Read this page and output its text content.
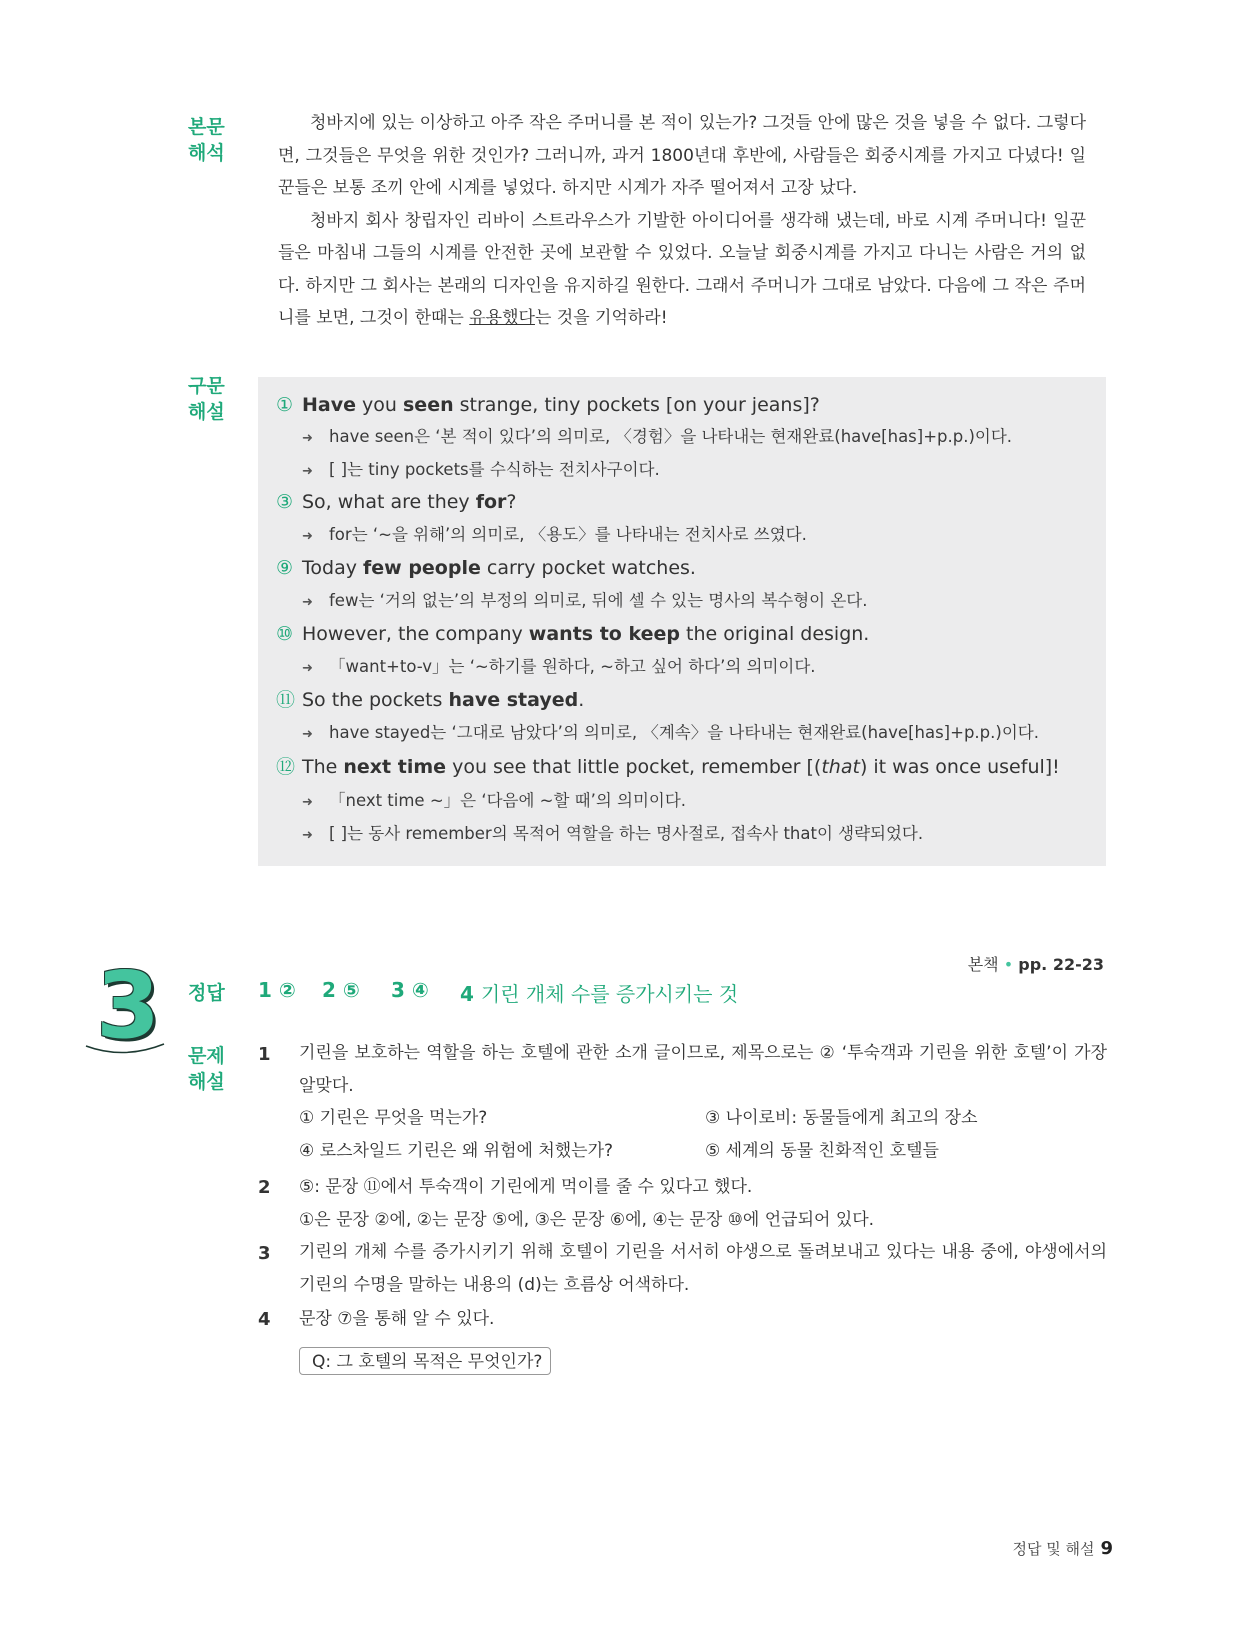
본문
해석

청바지에 있는 이상하고 아주 작은 주머니를 본 적이 있는가? 그것들 안에 많은 것을 넣을 수 없다. 그렇다면, 그것들은 무엇을 위한 것인가? 그러니까, 과거 1800년대 후반에, 사람들은 회중시계를 가지고 다녔다! 일꾼들은 보통 조끼 안에 시계를 넣었다. 하지만 시계가 자주 떨어져서 고장 났다.

청바지 회사 창립자인 리바이 스트라우스가 기발한 아이디어를 생각해 냈는데, 바로 시계 주머니다! 일꾼들은 마침내 그들의 시계를 안전한 곳에 보관할 수 있었다. 오늘날 회중시계를 가지고 다니는 사람은 거의 없다. 하지만 그 회사는 본래의 디자인을 유지하길 원한다. 그래서 주머니가 그대로 남았다. 다음에 그 작은 주머니를 보면, 그것이 한때는 유용했다는 것을 기억하라!

구문
해설	① Have you seen strange, tiny pockets [on your jeans]?
➜ have seen은 ‘본 적이 있다’의 의미로, 〈경험〉을 나타내는 현재완료(have[has]+p.p.)이다.
➜ [ ]는 tiny pockets를 수식하는 전치사구이다.
③ So, what are they for?
➜ for는 ‘~을 위해’의 의미로, 〈용도〉를 나타내는 전치사로 쓰였다.
⑨ Today few people carry pocket watches.
➜ few는 ‘거의 없는’의 부정의 의미로, 뒤에 셀 수 있는 명사의 복수형이 온다.
⑩ However, the company wants to keep the original design.
➜ 「want+to-v」는 ‘~하기를 원하다, ~하고 싶어 하다’의 의미이다.
⑪ So the pockets have stayed.
➜ have stayed는 ‘그대로 남았다’의 의미로, 〈계속〉을 나타내는 현재완료(have[has]+p.p.)이다.
⑫ The next time you see that little pocket, remember [(that) it was once useful]!
➜ 「next time ~」은 ‘다음에 ~할 때’의 의미이다.
➜ [ ]는 동사 remember의 목적어 역할을 하는 명사절로, 접속사 that이 생략되었다.
본책 • pp. 22-23
3 정답 1 ② 2 ⑤ 3 ④ 4 기린 개체 수를 증가시키는 것
문제
해설
1 기린을 보호하는 역할을 하는 호텔에 관한 소개 글이므로, 제목으로는 ② ‘투숙객과 기린을 위한 호텔’이 가장 알맞다.
① 기린은 무엇을 먹는가?	③ 나이로비: 동물들에게 최고의 장소
④ 로스차일드 기린은 왜 위험에 처했는가?	⑤ 세계의 동물 친화적인 호텔들
2 ⑤: 문장 ⑪에서 투숙객이 기린에게 먹이를 줄 수 있다고 했다.
①은 문장 ②에, ②는 문장 ⑤에, ③은 문장 ⑥에, ④는 문장 ⑩에 언급되어 있다.
3 기린의 개체 수를 증가시키기 위해 호텔이 기린을 서서히 야생으로 돌려보내고 있다는 내용 중에, 야생에서의 기린의 수명을 말하는 내용의 (d)는 흐름상 어색하다.
4 문장 ⑦을 통해 알 수 있다.
Q: 그 호텔의 목적은 무엇인가?
정답 및 해설 9
